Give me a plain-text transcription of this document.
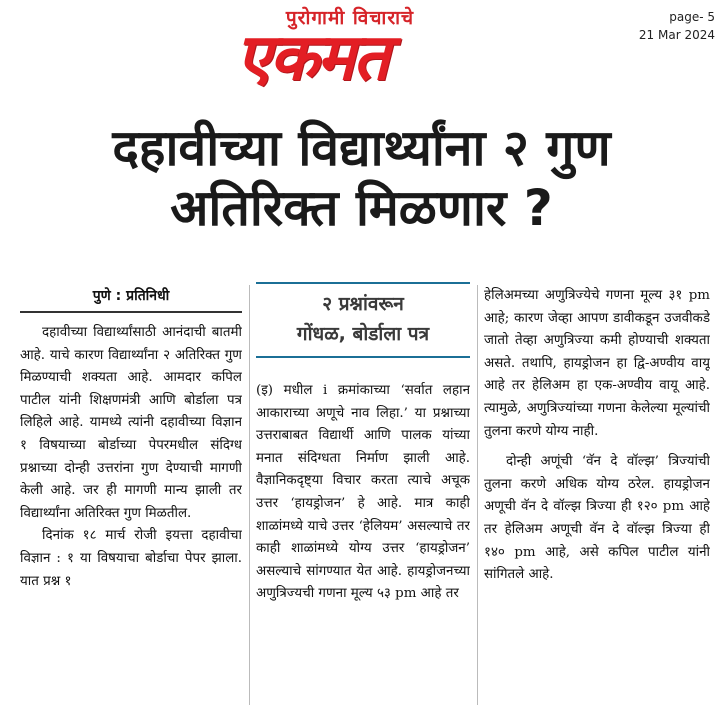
पुरोगामी विचाराचे
एकमत
page- 5
21 Mar 2024
दहावीच्या विद्यार्थ्यांना २ गुण
अतिरिक्त मिळणार ?
पुणे : प्रतिनिधी

दहावीच्या विद्यार्थ्यांसाठी आनंदाची बातमी आहे. याचे कारण विद्यार्थ्यांना २ अतिरिक्त गुण मिळण्याची शक्यता आहे. आमदार कपिल पाटील यांनी शिक्षणमंत्री आणि बोर्डाला पत्र लिहिले आहे. यामध्ये त्यांनी दहावीच्या विज्ञान १ विषयाच्या बोर्डाच्या पेपरमधील संदिग्ध प्रश्नाच्या दोन्ही उत्तरांना गुण देण्याची मागणी केली आहे. जर ही मागणी मान्य झाली तर विद्यार्थ्यांना अतिरिक्त गुण मिळतील.

दिनांक १८ मार्च रोजी इयत्ता दहावीचा विज्ञान : १ या विषयाचा बोर्डाचा पेपर झाला. यात प्रश्न १

२ प्रश्नांवरून
गोंधळ, बोर्डाला पत्र

(इ) मधील i क्रमांकाच्या ‘सर्वात लहान आकाराच्या अणूचे नाव लिहा.’ या प्रश्नाच्या उत्तराबाबत विद्यार्थी आणि पालक यांच्या मनात संदिग्धता निर्माण झाली आहे. वैज्ञानिकदृष्ट्या विचार करता त्याचे अचूक उत्तर ‘हायड्रोजन’ हे आहे. मात्र काही शाळांमध्ये याचे उत्तर ‘हेलियम’ असल्याचे तर काही शाळांमध्ये योग्य उत्तर ‘हायड्रोजन’ असल्याचे सांगण्यात येत आहे. हायड्रोजनच्या अणुत्रिज्यची गणना मूल्य ५३ pm आहे तर

हेलिअमच्या अणुत्रिज्येचे गणना मूल्य ३१ pm आहे; कारण जेव्हा आपण डावीकडून उजवीकडे जातो तेव्हा अणुत्रिज्या कमी होण्याची शक्यता असते. तथापि, हायड्रोजन हा द्वि-अण्वीय वायू आहे तर हेलिअम हा एक-अण्वीय वायू आहे. त्यामुळे, अणुत्रिज्यांच्या गणना केलेल्या मूल्यांची तुलना करणे योग्य नाही.

दोन्ही अणूंची ‘वॅन दे वॉल्झ’ त्रिज्यांची तुलना करणे अधिक योग्य ठरेल. हायड्रोजन अणूची वॅन दे वॉल्झ त्रिज्या ही १२० pm आहे तर हेलिअम अणूची वॅन दे वॉल्झ त्रिज्या ही १४० pm आहे, असे कपिल पाटील यांनी सांगितले आहे.
